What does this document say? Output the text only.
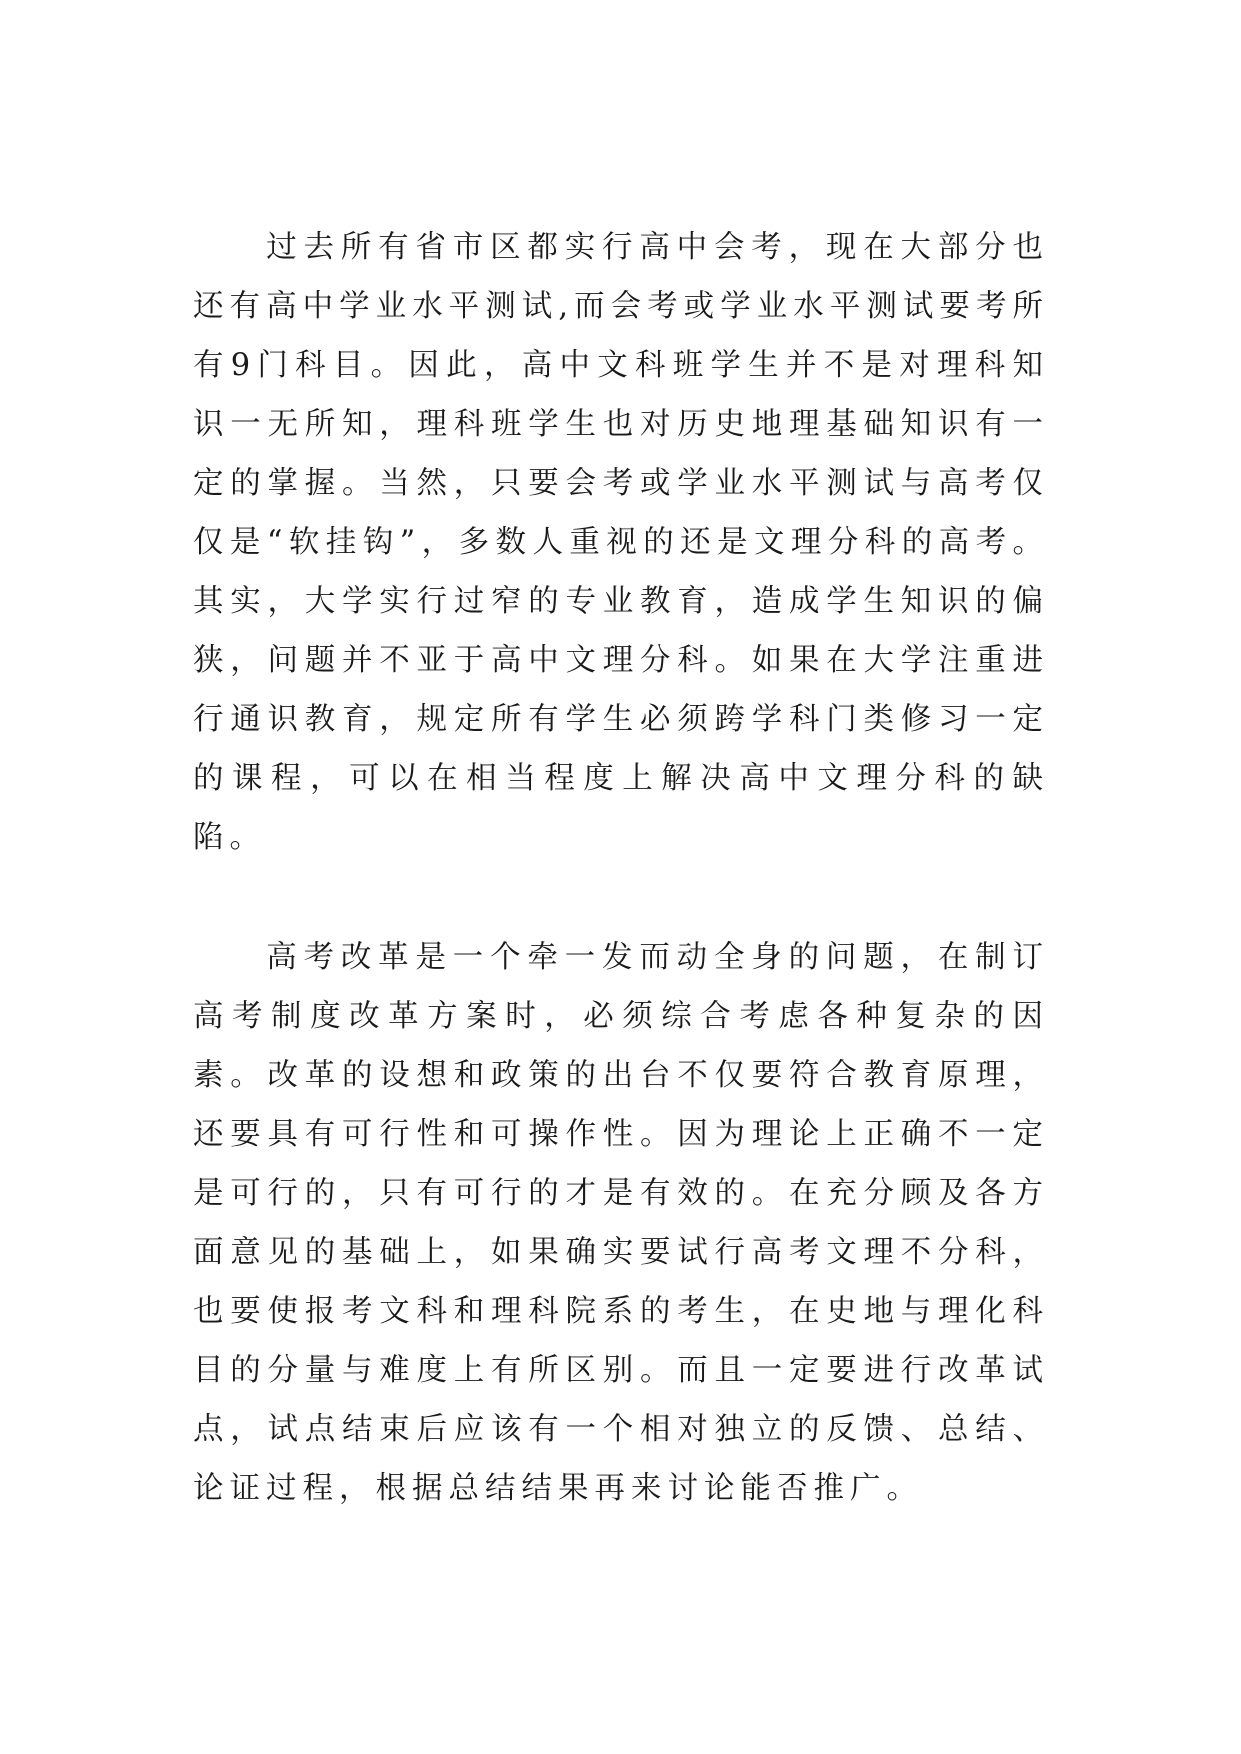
过去所有省市区都实行高中会考，现在大部分也还有高中学业水平测试,而会考或学业水平测试要考所有9门科目。因此，高中文科班学生并不是对理科知识一无所知，理科班学生也对历史地理基础知识有一定的掌握。当然，只要会考或学业水平测试与高考仅仅是“软挂钩”，多数人重视的还是文理分科的高考。其实，大学实行过窄的专业教育，造成学生知识的偏狭，问题并不亚于高中文理分科。如果在大学注重进行通识教育，规定所有学生必须跨学科门类修习一定的课程，可以在相当程度上解决高中文理分科的缺陷。

高考改革是一个牵一发而动全身的问题，在制订高考制度改革方案时，必须综合考虑各种复杂的因素。改革的设想和政策的出台不仅要符合教育原理，还要具有可行性和可操作性。因为理论上正确不一定是可行的，只有可行的才是有效的。在充分顾及各方面意见的基础上，如果确实要试行高考文理不分科，也要使报考文科和理科院系的考生，在史地与理化科目的分量与难度上有所区别。而且一定要进行改革试点，试点结束后应该有一个相对独立的反馈、总结、论证过程，根据总结结果再来讨论能否推广。
